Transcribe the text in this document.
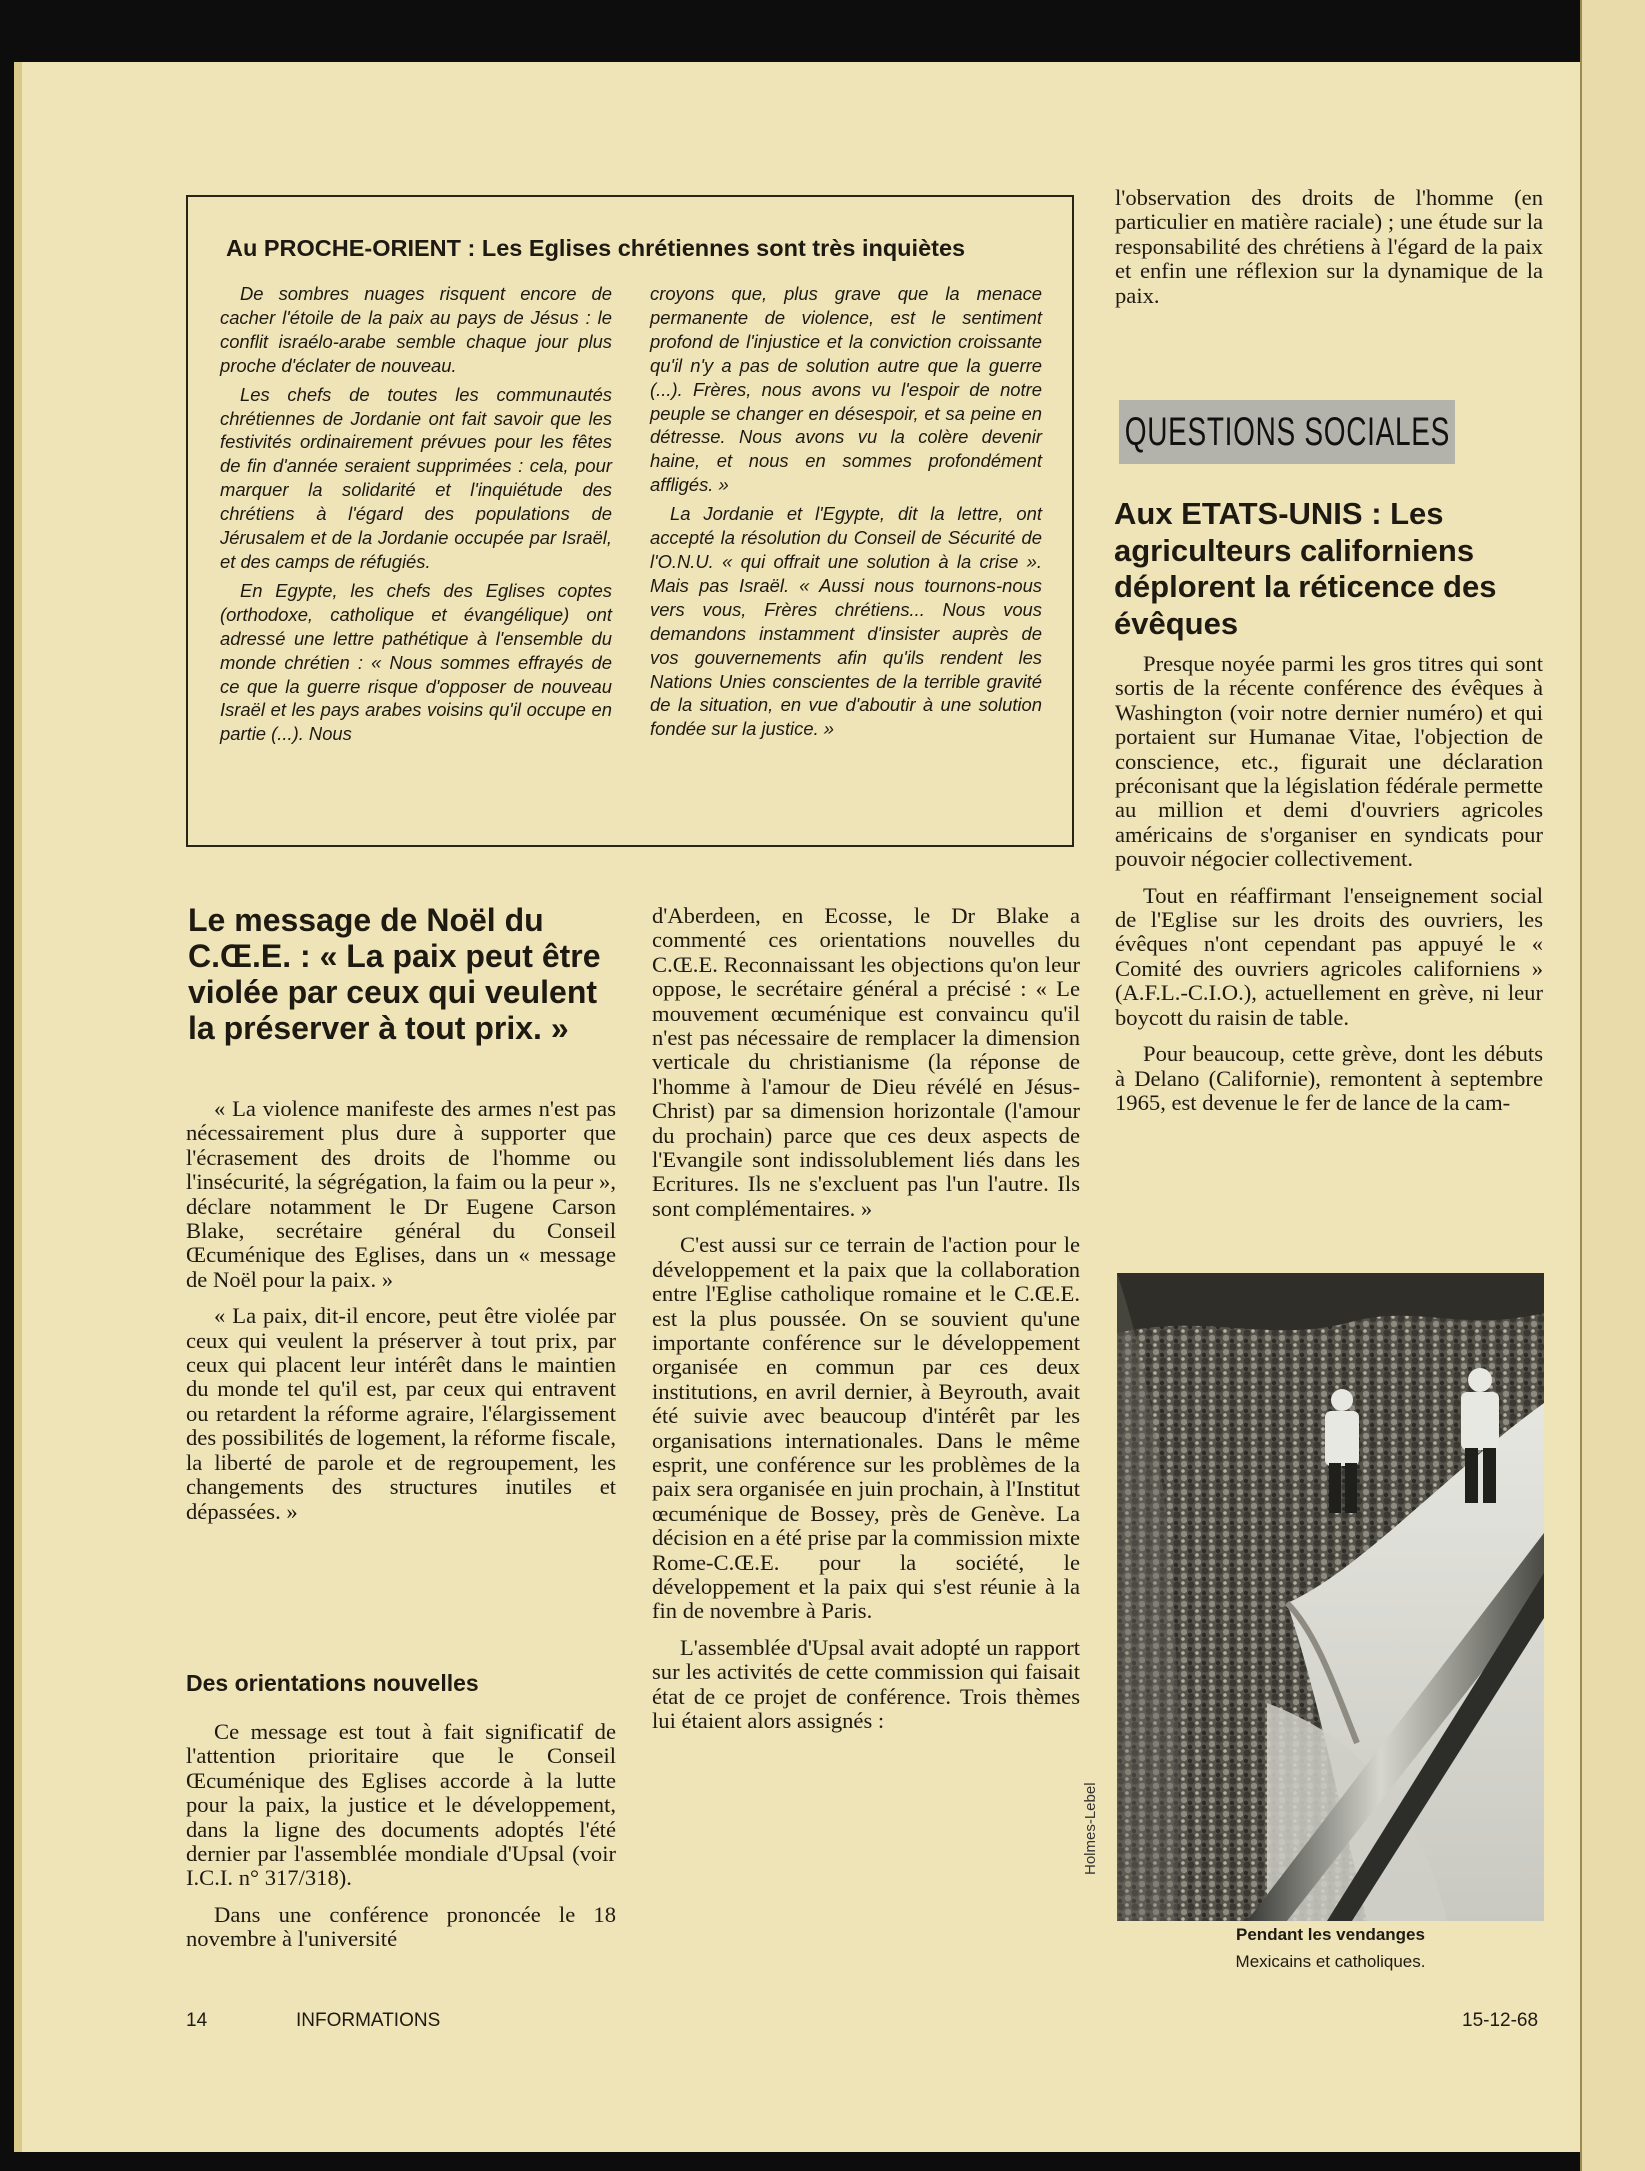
Au PROCHE-ORIENT : Les Eglises chrétiennes sont très inquiètes

De sombres nuages risquent encore de cacher l'étoile de la paix au pays de Jésus : le conflit israélo-arabe semble chaque jour plus proche d'éclater de nouveau.

Les chefs de toutes les communautés chrétiennes de Jordanie ont fait savoir que les festivités ordinairement prévues pour les fêtes de fin d'année seraient supprimées : cela, pour marquer la solidarité et l'inquiétude des chrétiens à l'égard des populations de Jérusalem et de la Jordanie occupée par Israël, et des camps de réfugiés.

En Egypte, les chefs des Eglises coptes (orthodoxe, catholique et évangélique) ont adressé une lettre pathétique à l'ensemble du monde chrétien : « Nous sommes effrayés de ce que la guerre risque d'opposer de nouveau Israël et les pays arabes voisins qu'il occupe en partie (...). Nous

croyons que, plus grave que la menace permanente de violence, est le sentiment profond de l'injustice et la conviction croissante qu'il n'y a pas de solution autre que la guerre (...). Frères, nous avons vu l'espoir de notre peuple se changer en désespoir, et sa peine en détresse. Nous avons vu la colère devenir haine, et nous en sommes profondément affligés. »

La Jordanie et l'Egypte, dit la lettre, ont accepté la résolution du Conseil de Sécurité de l'O.N.U. « qui offrait une solution à la crise ». Mais pas Israël. « Aussi nous tournons-nous vers vous, Frères chrétiens... Nous vous demandons instamment d'insister auprès de vos gouvernements afin qu'ils rendent les Nations Unies conscientes de la terrible gravité de la situation, en vue d'aboutir à une solution fondée sur la justice. »

Le message de Noël du C.Œ.E. : « La paix peut être violée par ceux qui veulent la préserver à tout prix. »

« La violence manifeste des armes n'est pas nécessairement plus dure à supporter que l'écrasement des droits de l'homme ou l'insécurité, la ségrégation, la faim ou la peur », déclare notamment le Dr Eugene Carson Blake, secrétaire général du Conseil Œcuménique des Eglises, dans un « message de Noël pour la paix. »

« La paix, dit-il encore, peut être violée par ceux qui veulent la préserver à tout prix, par ceux qui placent leur intérêt dans le maintien du monde tel qu'il est, par ceux qui entravent ou retardent la réforme agraire, l'élargissement des possibilités de logement, la réforme fiscale, la liberté de parole et de regroupement, les changements des structures inutiles et dépassées. »

Des orientations nouvelles

Ce message est tout à fait significatif de l'attention prioritaire que le Conseil Œcuménique des Eglises accorde à la lutte pour la paix, la justice et le développement, dans la ligne des documents adoptés l'été dernier par l'assemblée mondiale d'Upsal (voir I.C.I. n° 317/318).

Dans une conférence prononcée le 18 novembre à l'université

d'Aberdeen, en Ecosse, le Dr Blake a commenté ces orientations nouvelles du C.Œ.E. Reconnaissant les objections qu'on leur oppose, le secrétaire général a précisé : « Le mouvement œcuménique est convaincu qu'il n'est pas nécessaire de remplacer la dimension verticale du christianisme (la réponse de l'homme à l'amour de Dieu révélé en Jésus-Christ) par sa dimension horizontale (l'amour du prochain) parce que ces deux aspects de l'Evangile sont indissolublement liés dans les Ecritures. Ils ne s'excluent pas l'un l'autre. Ils sont complémentaires. »

C'est aussi sur ce terrain de l'action pour le développement et la paix que la collaboration entre l'Eglise catholique romaine et le C.Œ.E. est la plus poussée. On se souvient qu'une importante conférence sur le développement organisée en commun par ces deux institutions, en avril dernier, à Beyrouth, avait été suivie avec beaucoup d'intérêt par les organisations internationales. Dans le même esprit, une conférence sur les problèmes de la paix sera organisée en juin prochain, à l'Institut œcuménique de Bossey, près de Genève. La décision en a été prise par la commission mixte Rome-C.Œ.E. pour la société, le développement et la paix qui s'est réunie à la fin de novembre à Paris.

L'assemblée d'Upsal avait adopté un rapport sur les activités de cette commission qui faisait état de ce projet de conférence. Trois thèmes lui étaient alors assignés :

l'observation des droits de l'homme (en particulier en matière raciale) ; une étude sur la responsabilité des chrétiens à l'égard de la paix et enfin une réflexion sur la dynamique de la paix.

QUESTIONS SOCIALES
Aux ETATS-UNIS : Les agriculteurs californiens déplorent la réticence des évêques

Presque noyée parmi les gros titres qui sont sortis de la récente conférence des évêques à Washington (voir notre dernier numéro) et qui portaient sur Humanae Vitae, l'objection de conscience, etc., figurait une déclaration préconisant que la législation fédérale permette au million et demi d'ouvriers agricoles américains de s'organiser en syndicats pour pouvoir négocier collectivement.

Tout en réaffirmant l'enseignement social de l'Eglise sur les droits des ouvriers, les évêques n'ont cependant pas appuyé le « Comité des ouvriers agricoles californiens » (A.F.L.-C.I.O.), actuellement en grève, ni leur boycott du raisin de table.

Pour beaucoup, cette grève, dont les débuts à Delano (Californie), remontent à septembre 1965, est devenue le fer de lance de la cam-

Holmes-Lebel
Pendant les vendanges
Mexicains et catholiques.
14	INFORMATIONS	15-12-68
